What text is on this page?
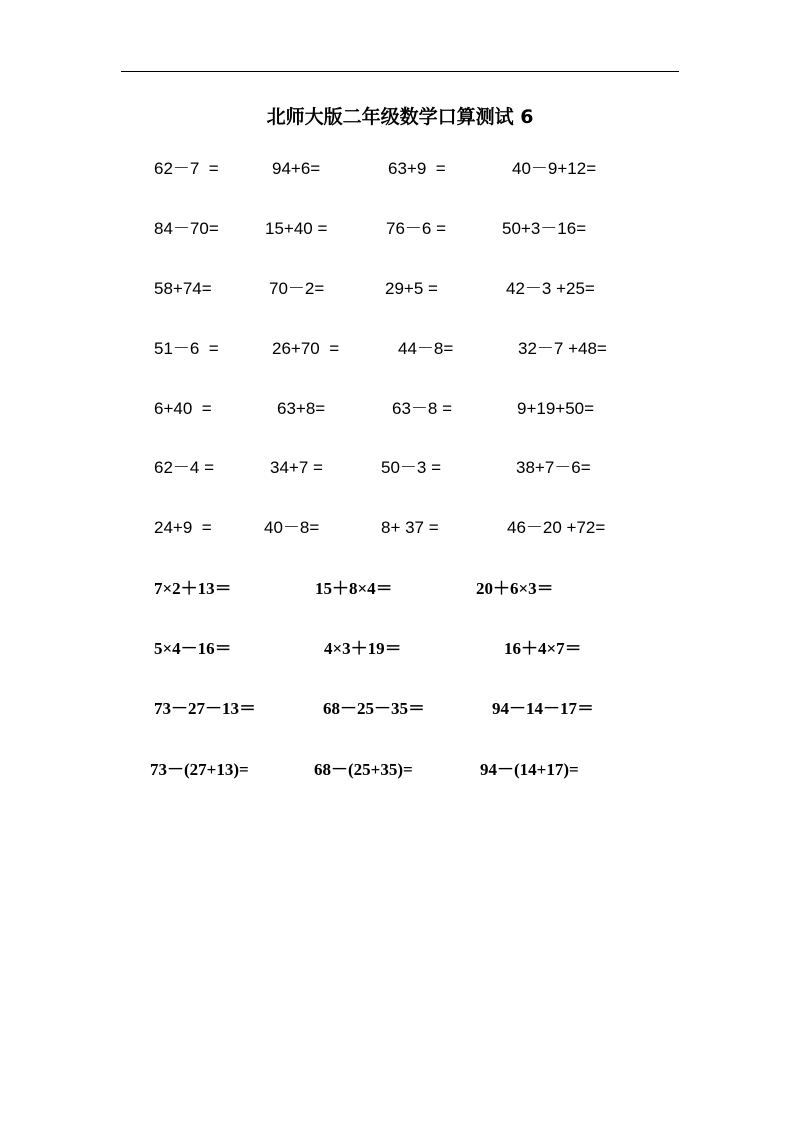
北师大版二年级数学口算测试 6
62－7  =	94+6=	63+9  =	40－9+12=
84－70=	15+40 =	76－6 =	50+3－16=
58+74=	70－2=	29+5 =	42－3 +25=
51－6  =	26+70  =	44－8=	32－7 +48=
6+40  =	63+8=	63－8 =	9+19+50=
62－4 =	34+7 =	50－3 =	38+7－6=
24+9  =	40－8=	8+ 37 =	46－20 +72=
7×2＋13＝	15＋8×4＝	20＋6×3＝
5×4－16＝	4×3＋19＝	16＋4×7＝
73－27－13＝	68－25－35＝	94－14－17＝
73－(27+13)=	68－(25+35)=	94－(14+17)=
